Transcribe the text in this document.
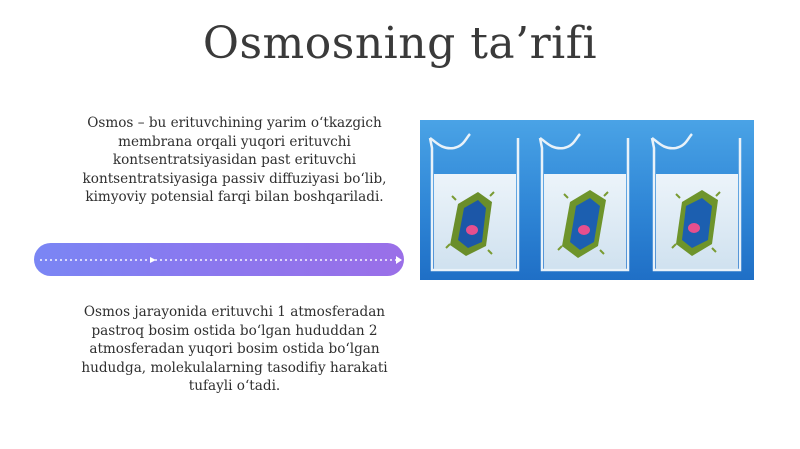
Osmosning ta’rifi
Osmos – bu erituvchining yarim o‘tkazgich membrana orqali yuqori erituvchi kontsentratsiyasidan past erituvchi kontsentratsiyasiga passiv diffuziyasi bo‘lib, kimyoviy potensial farqi bilan boshqariladi.
Osmos jarayonida erituvchi 1 atmosferadan pastroq bosim ostida bo‘lgan hududdan 2 atmosferadan yuqori bosim ostida bo‘lgan hududga, molekulalarning tasodifiy harakati tufayli o‘tadi.
